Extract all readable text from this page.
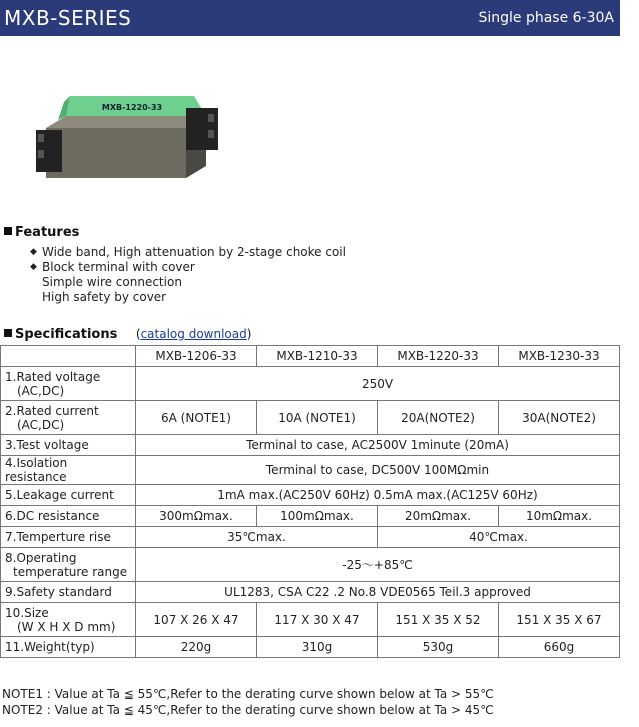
MXB-SERIES	Single phase 6-30A
MXB-1220-33
Features
◆ Wide band, High attenuation by 2-stage choke coil
◆ Block terminal with cover
Simple wire connection
High safety by cover
Specifications (catalog download)
	MXB-1206-33	MXB-1210-33	MXB-1220-33	MXB-1230-33

1.Rated voltage
(AC,DC)	250V			

2.Rated current
(AC,DC)	6A (NOTE1)	10A (NOTE1)	20A(NOTE2)	30A(NOTE2)
3.Test voltage	Terminal to case, AC2500V 1minute (20mA)			
4.Isolation resistance	Terminal to case, DC500V 100MΩmin			
5.Leakage current	1mA max.(AC250V 60Hz) 0.5mA max.(AC125V 60Hz)			
6.DC resistance	300mΩmax.	100mΩmax.	20mΩmax.	10mΩmax.
7.Temperture rise	35℃max.		40℃max.	

8.Operating
temperature range	-25〜+85℃			
9.Safety standard	UL1283, CSA C22 .2 No.8 VDE0565 Teil.3 approved			

10.Size
(W X H X D mm)	107 X 26 X 47	117 X 30 X 47	151 X 35 X 52	151 X 35 X 67
11.Weight(typ)	220g	310g	530g	660g
NOTE1 : Value at Ta ≦ 55℃,Refer to the derating curve shown below at Ta > 55℃
NOTE2 : Value at Ta ≦ 45℃,Refer to the derating curve shown below at Ta > 45℃
